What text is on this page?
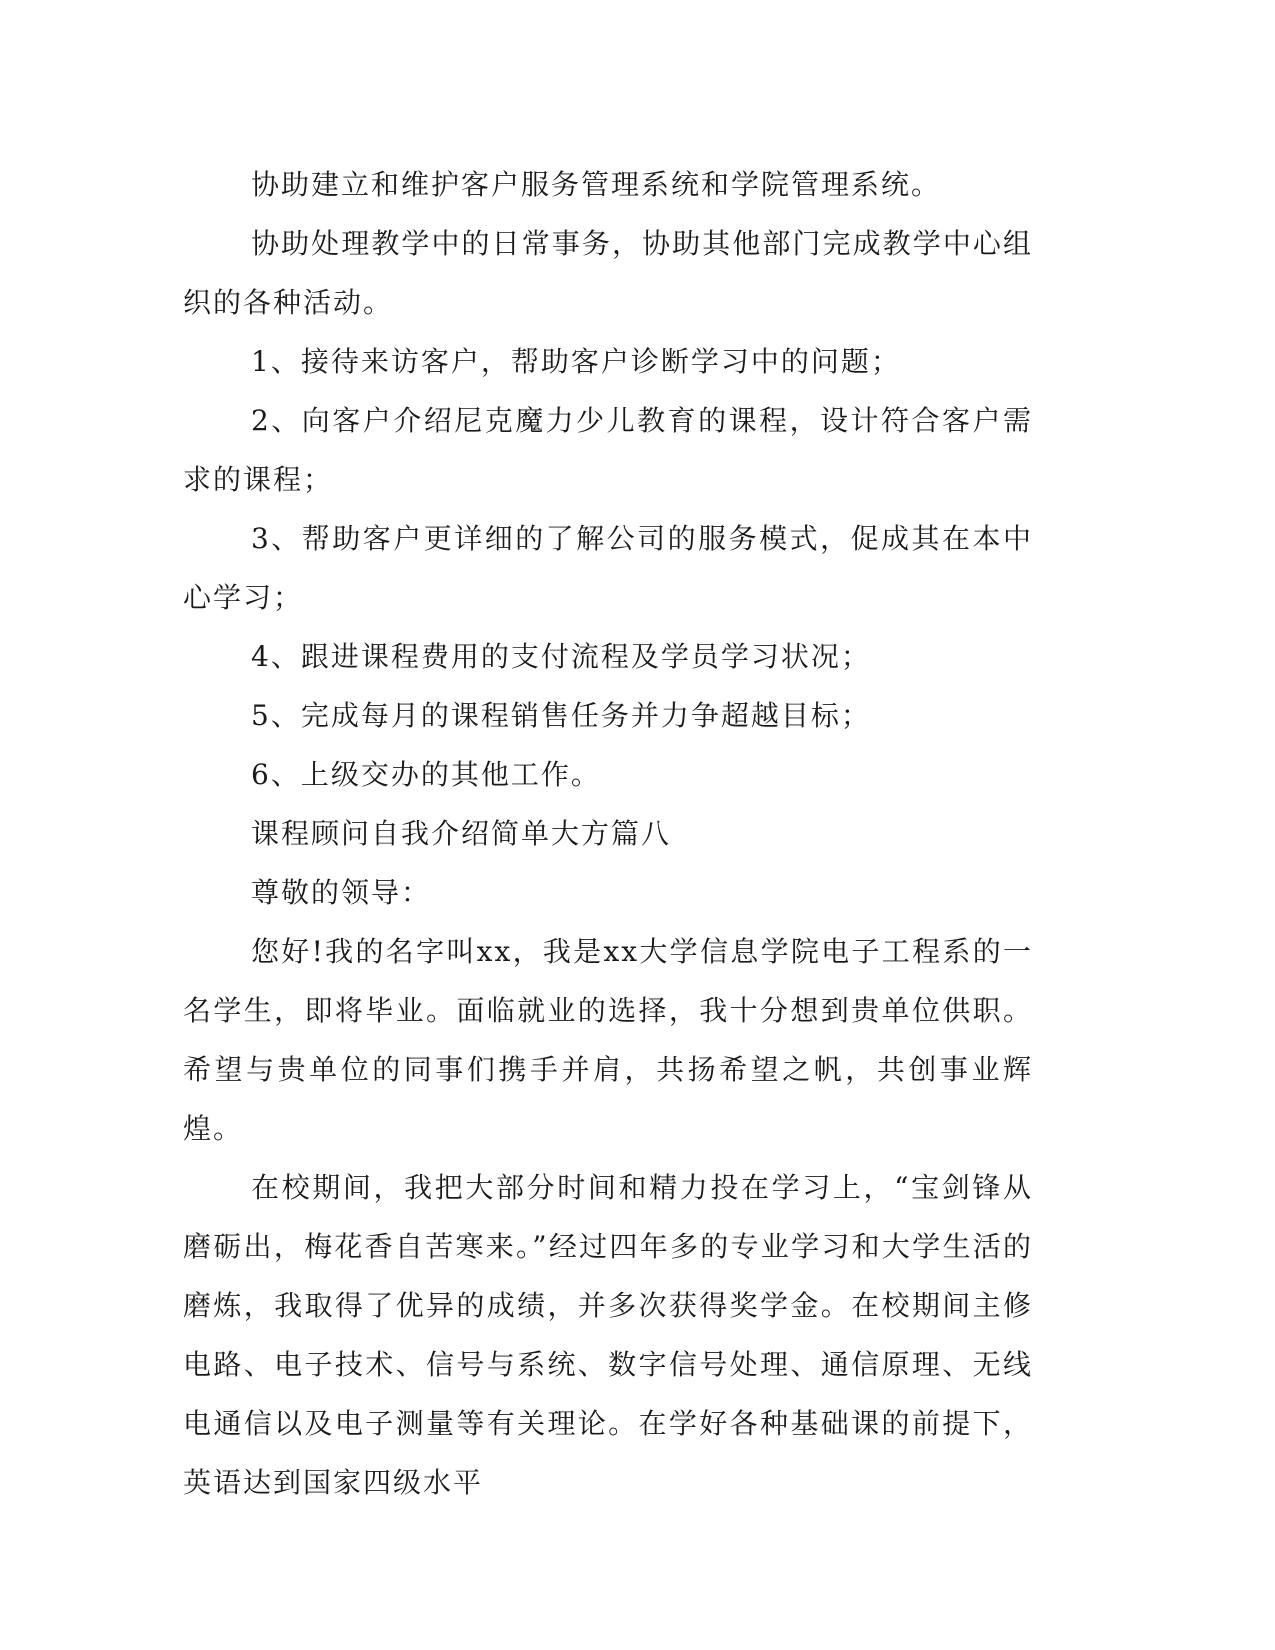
协助建立和维护客户服务管理系统和学院管理系统。

协助处理教学中的日常事务，协助其他部门完成教学中心组织的各种活动。

1、接待来访客户，帮助客户诊断学习中的问题；

2、向客户介绍尼克魔力少儿教育的课程，设计符合客户需求的课程；

3、帮助客户更详细的了解公司的服务模式，促成其在本中心学习；

4、跟进课程费用的支付流程及学员学习状况；

5、完成每月的课程销售任务并力争超越目标；

6、上级交办的其他工作。

课程顾问自我介绍简单大方篇八

尊敬的领导：

您好!我的名字叫xx，我是xx大学信息学院电子工程系的一名学生，即将毕业。面临就业的选择，我十分想到贵单位供职。希望与贵单位的同事们携手并肩，共扬希望之帆，共创事业辉煌。

在校期间，我把大部分时间和精力投在学习上，“宝剑锋从磨砺出，梅花香自苦寒来。”经过四年多的专业学习和大学生活的磨炼，我取得了优异的成绩，并多次获得奖学金。在校期间主修电路、电子技术、信号与系统、数字信号处理、通信原理、无线电通信以及电子测量等有关理论。在学好各种基础课的前提下，英语达到国家四级水平
